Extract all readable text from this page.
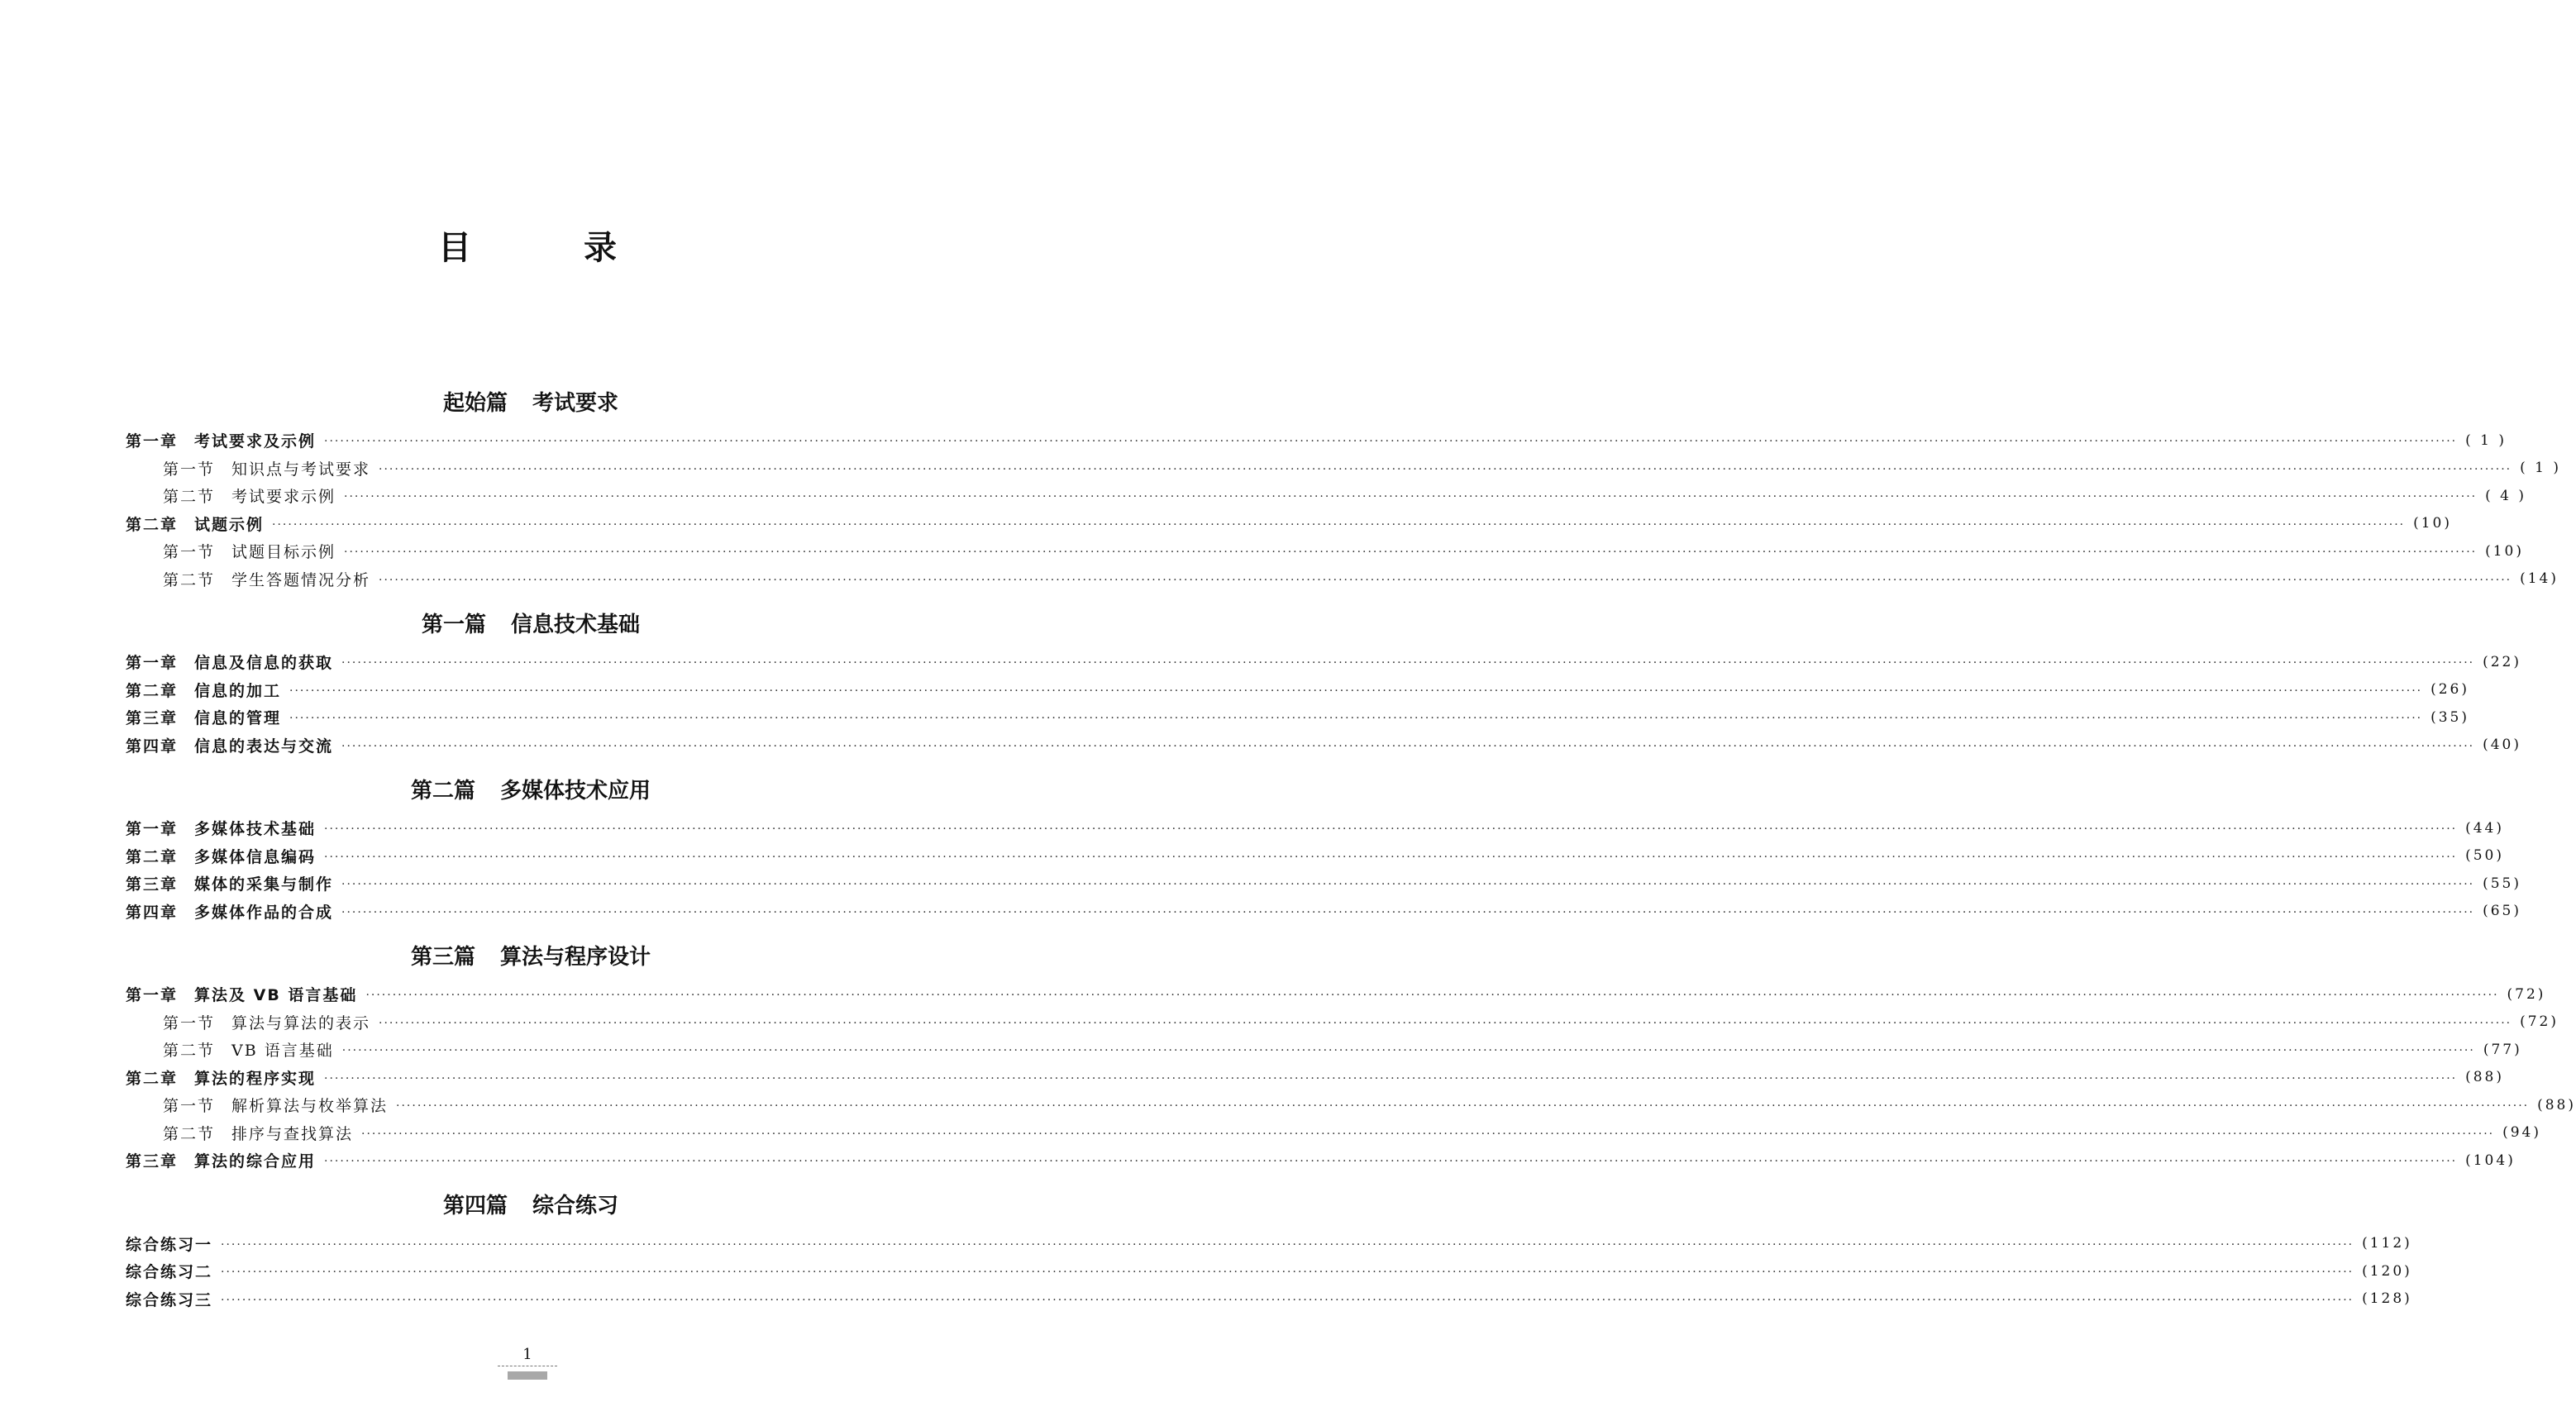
目　录
起始篇 考试要求
第一章 考试要求及示例 ················································································································································································································································································································································································································ ( 1 )
第一节 知识点与考试要求 ················································································································································································································································································································································································································ ( 1 )
第二节 考试要求示例 ················································································································································································································································································································································································································ ( 4 )
第二章 试题示例 ················································································································································································································································································································································································································ (10)
第一节 试题目标示例 ················································································································································································································································································································································································································ (10)
第二节 学生答题情况分析 ················································································································································································································································································································································································································ (14)
第一篇 信息技术基础
第一章 信息及信息的获取 ················································································································································································································································································································································································································ (22)
第二章 信息的加工 ················································································································································································································································································································································································································ (26)
第三章 信息的管理 ················································································································································································································································································································································································································ (35)
第四章 信息的表达与交流 ················································································································································································································································································································································································································ (40)
第二篇 多媒体技术应用
第一章 多媒体技术基础 ················································································································································································································································································································································································································ (44)
第二章 多媒体信息编码 ················································································································································································································································································································································································································ (50)
第三章 媒体的采集与制作 ················································································································································································································································································································································································································ (55)
第四章 多媒体作品的合成 ················································································································································································································································································································································································································ (65)
第三篇 算法与程序设计
第一章 算法及 VB 语言基础 ················································································································································································································································································································································································································ (72)
第一节 算法与算法的表示 ················································································································································································································································································································································································································ (72)
第二节 VB 语言基础 ················································································································································································································································································································································································································ (77)
第二章 算法的程序实现 ················································································································································································································································································································································································································ (88)
第一节 解析算法与枚举算法 ················································································································································································································································································································································································································ (88)
第二节 排序与查找算法 ················································································································································································································································································································································································································ (94)
第三章 算法的综合应用 ················································································································································································································································································································································································································ (104)
第四篇 综合练习
综合练习一 ················································································································································································································································································································································································································ (112)
综合练习二 ················································································································································································································································································································································································································ (120)
综合练习三 ················································································································································································································································································································································································································ (128)
1
